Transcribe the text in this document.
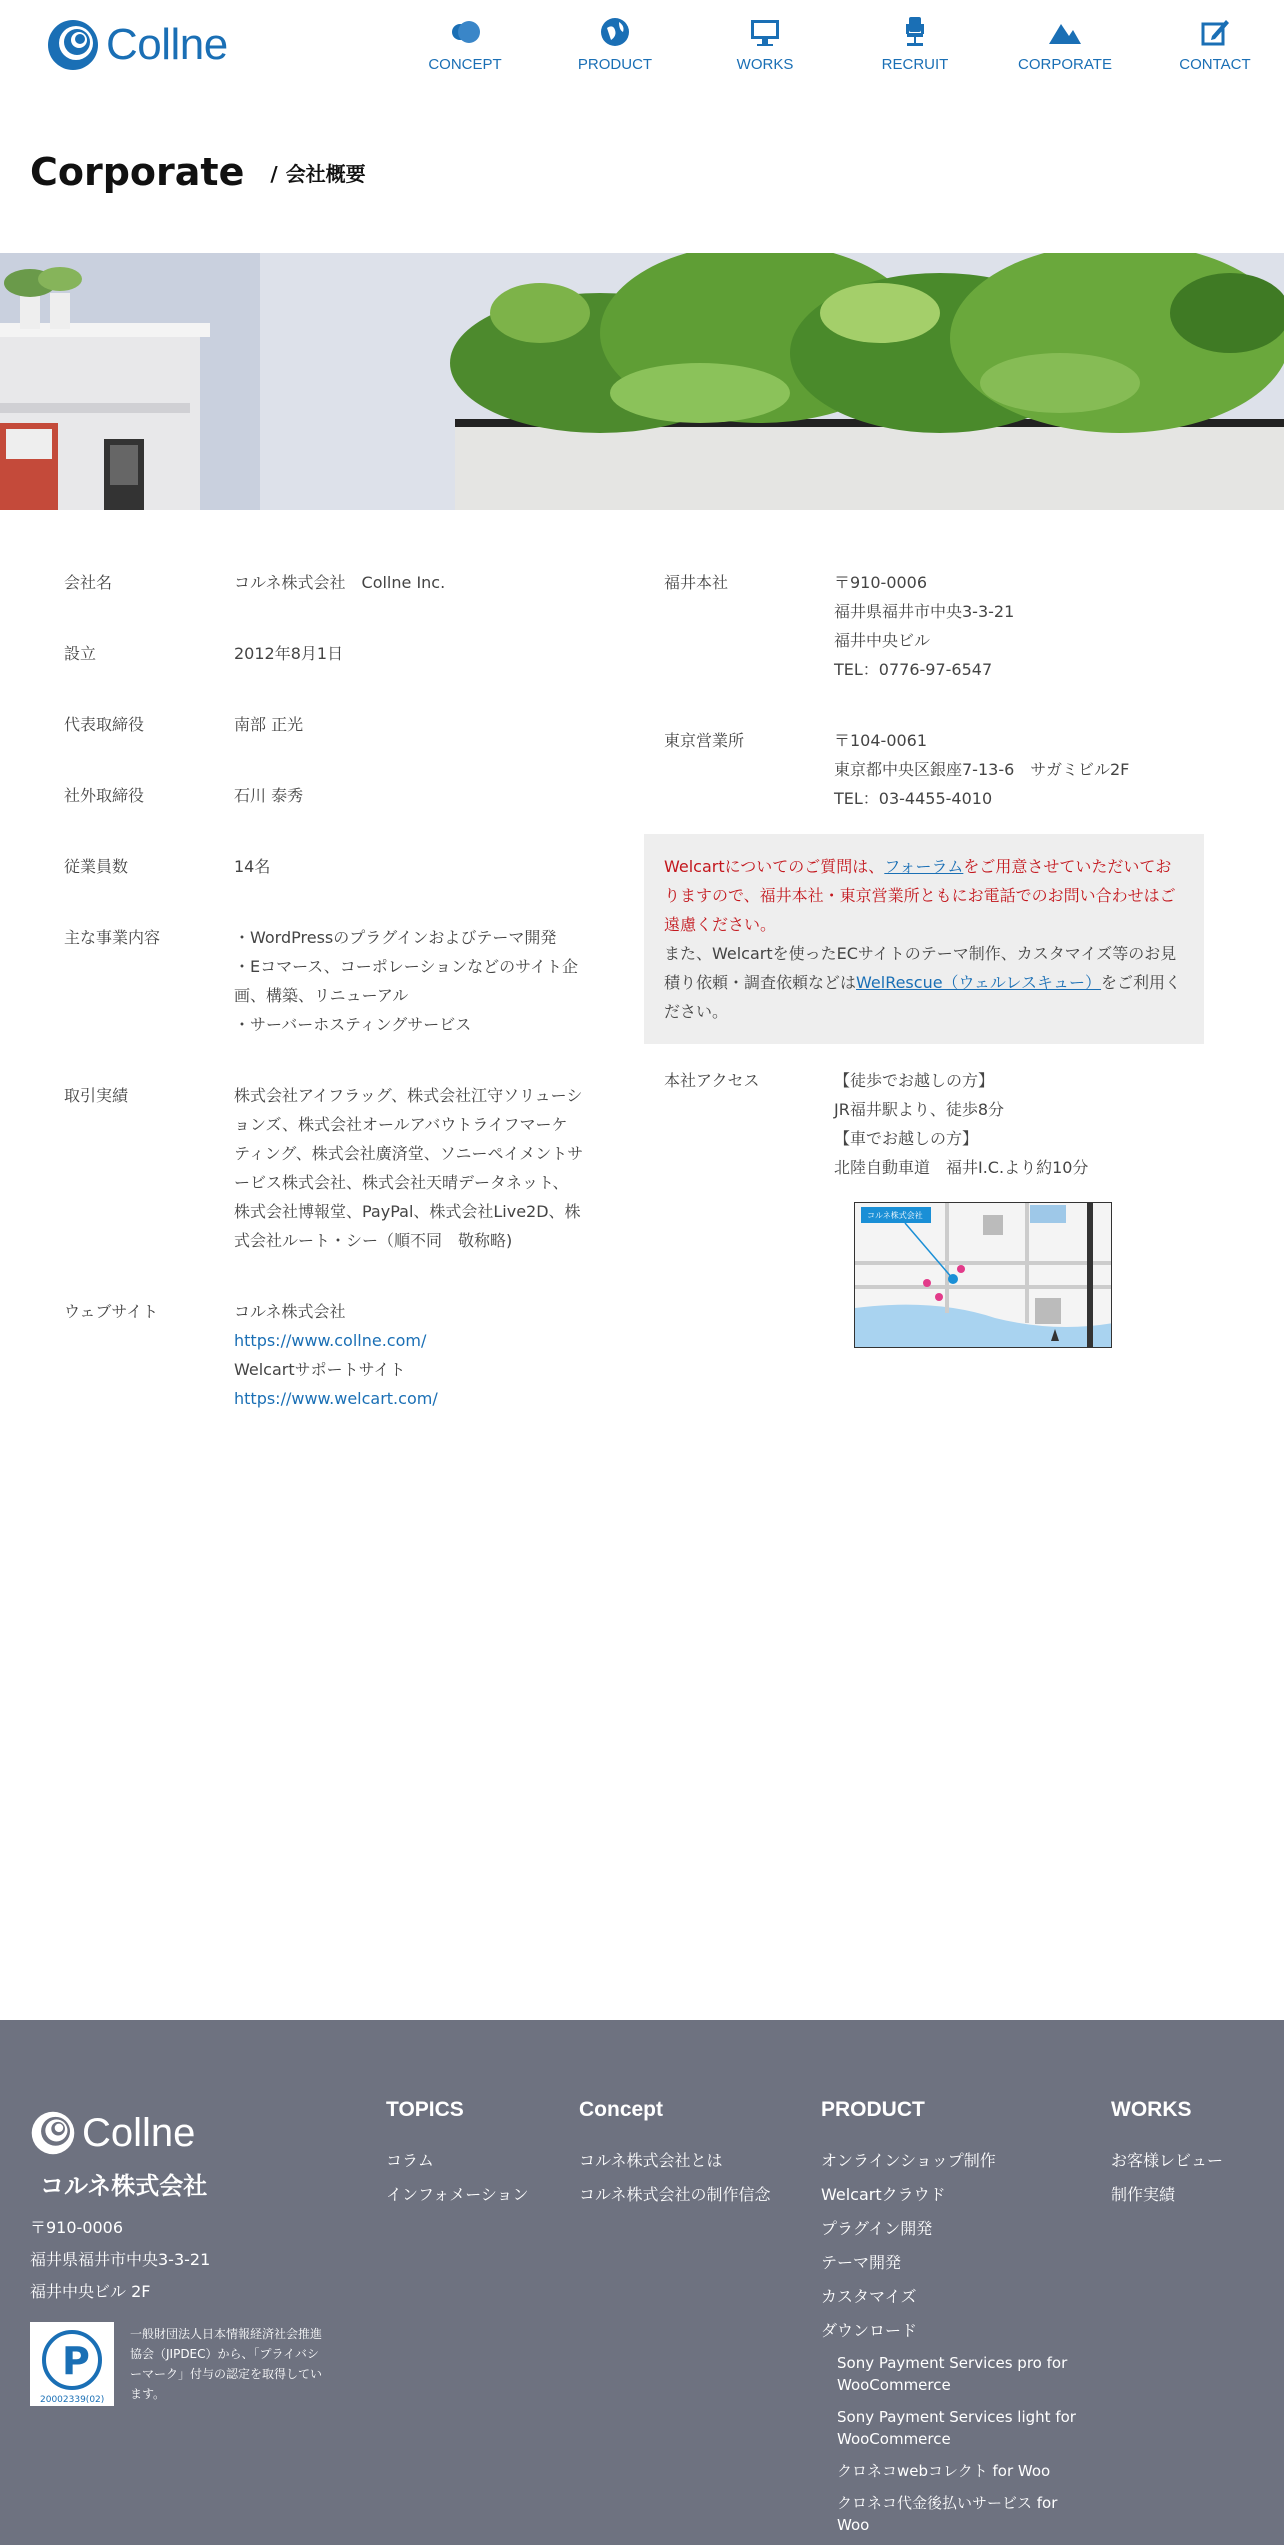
Collne	CONCEPT	PRODUCT	WORKS	RECRUIT	CORPORATE	CONTACT
Corporate / 会社概要
会社名	コルネ株式会社　Collne Inc.
設立	2012年8月1日
代表取締役	南部 正光
社外取締役	石川 泰秀
従業員数	14名
主な事業内容	・WordPressのプラグインおよびテーマ開発
・Eコマース、コーポレーションなどのサイト企
画、構築、リニューアル
・サーバーホスティングサービス
取引実績	株式会社アイフラッグ、株式会社江守ソリューシ
ョンズ、株式会社オールアバウトライフマーケ
ティング、株式会社廣済堂、ソニーペイメントサ
ービス株式会社、株式会社天晴データネット、
株式会社博報堂、PayPal、株式会社Live2D、株
式会社ルート・シー（順不同　敬称略)
ウェブサイト	コルネ株式会社
https://www.collne.com/
Welcartサポートサイト
https://www.welcart.com/
福井本社	〒910-0006
福井県福井市中央3-3-21
福井中央ビル
TEL：0776-97-6547
東京営業所	〒104-0061
東京都中央区銀座7-13-6　サガミビル2F
TEL：03-4455-4010
Welcartについてのご質問は、フォーラムをご用意させていただいておりますので、福井本社・東京営業所ともにお電話でのお問い合わせはご遠慮ください。
また、Welcartを使ったECサイトのテーマ制作、カスタマイズ等のお見積り依頼・調査依頼などはWelRescue（ウェルレスキュー）をご利用ください。
本社アクセス	【徒歩でお越しの方】
JR福井駅より、徒歩8分
【車でお越しの方】
北陸自動車道　福井I.C.より約10分
コルネ株式会社
Collne
コルネ株式会社
〒910-0006
福井県福井市中央3-3-21
福井中央ビル 2F
P
20002339(02)
一般財団法人日本情報経済社会推進協会（JIPDEC）から、「プライバシーマーク」付与の認定を取得しています。
TOPICS
コラム
インフォメーション
Concept
コルネ株式会社とは
コルネ株式会社の制作信念
PRODUCT
オンラインショップ制作
Welcartクラウド
プラグイン開発
テーマ開発
カスタマイズ
ダウンロード
Sony Payment Services pro for WooCommerce
Sony Payment Services light for WooCommerce
クロネコwebコレクト for Woo
クロネコ代金後払いサービス for Woo
WORKS
お客様レビュー
制作実績
